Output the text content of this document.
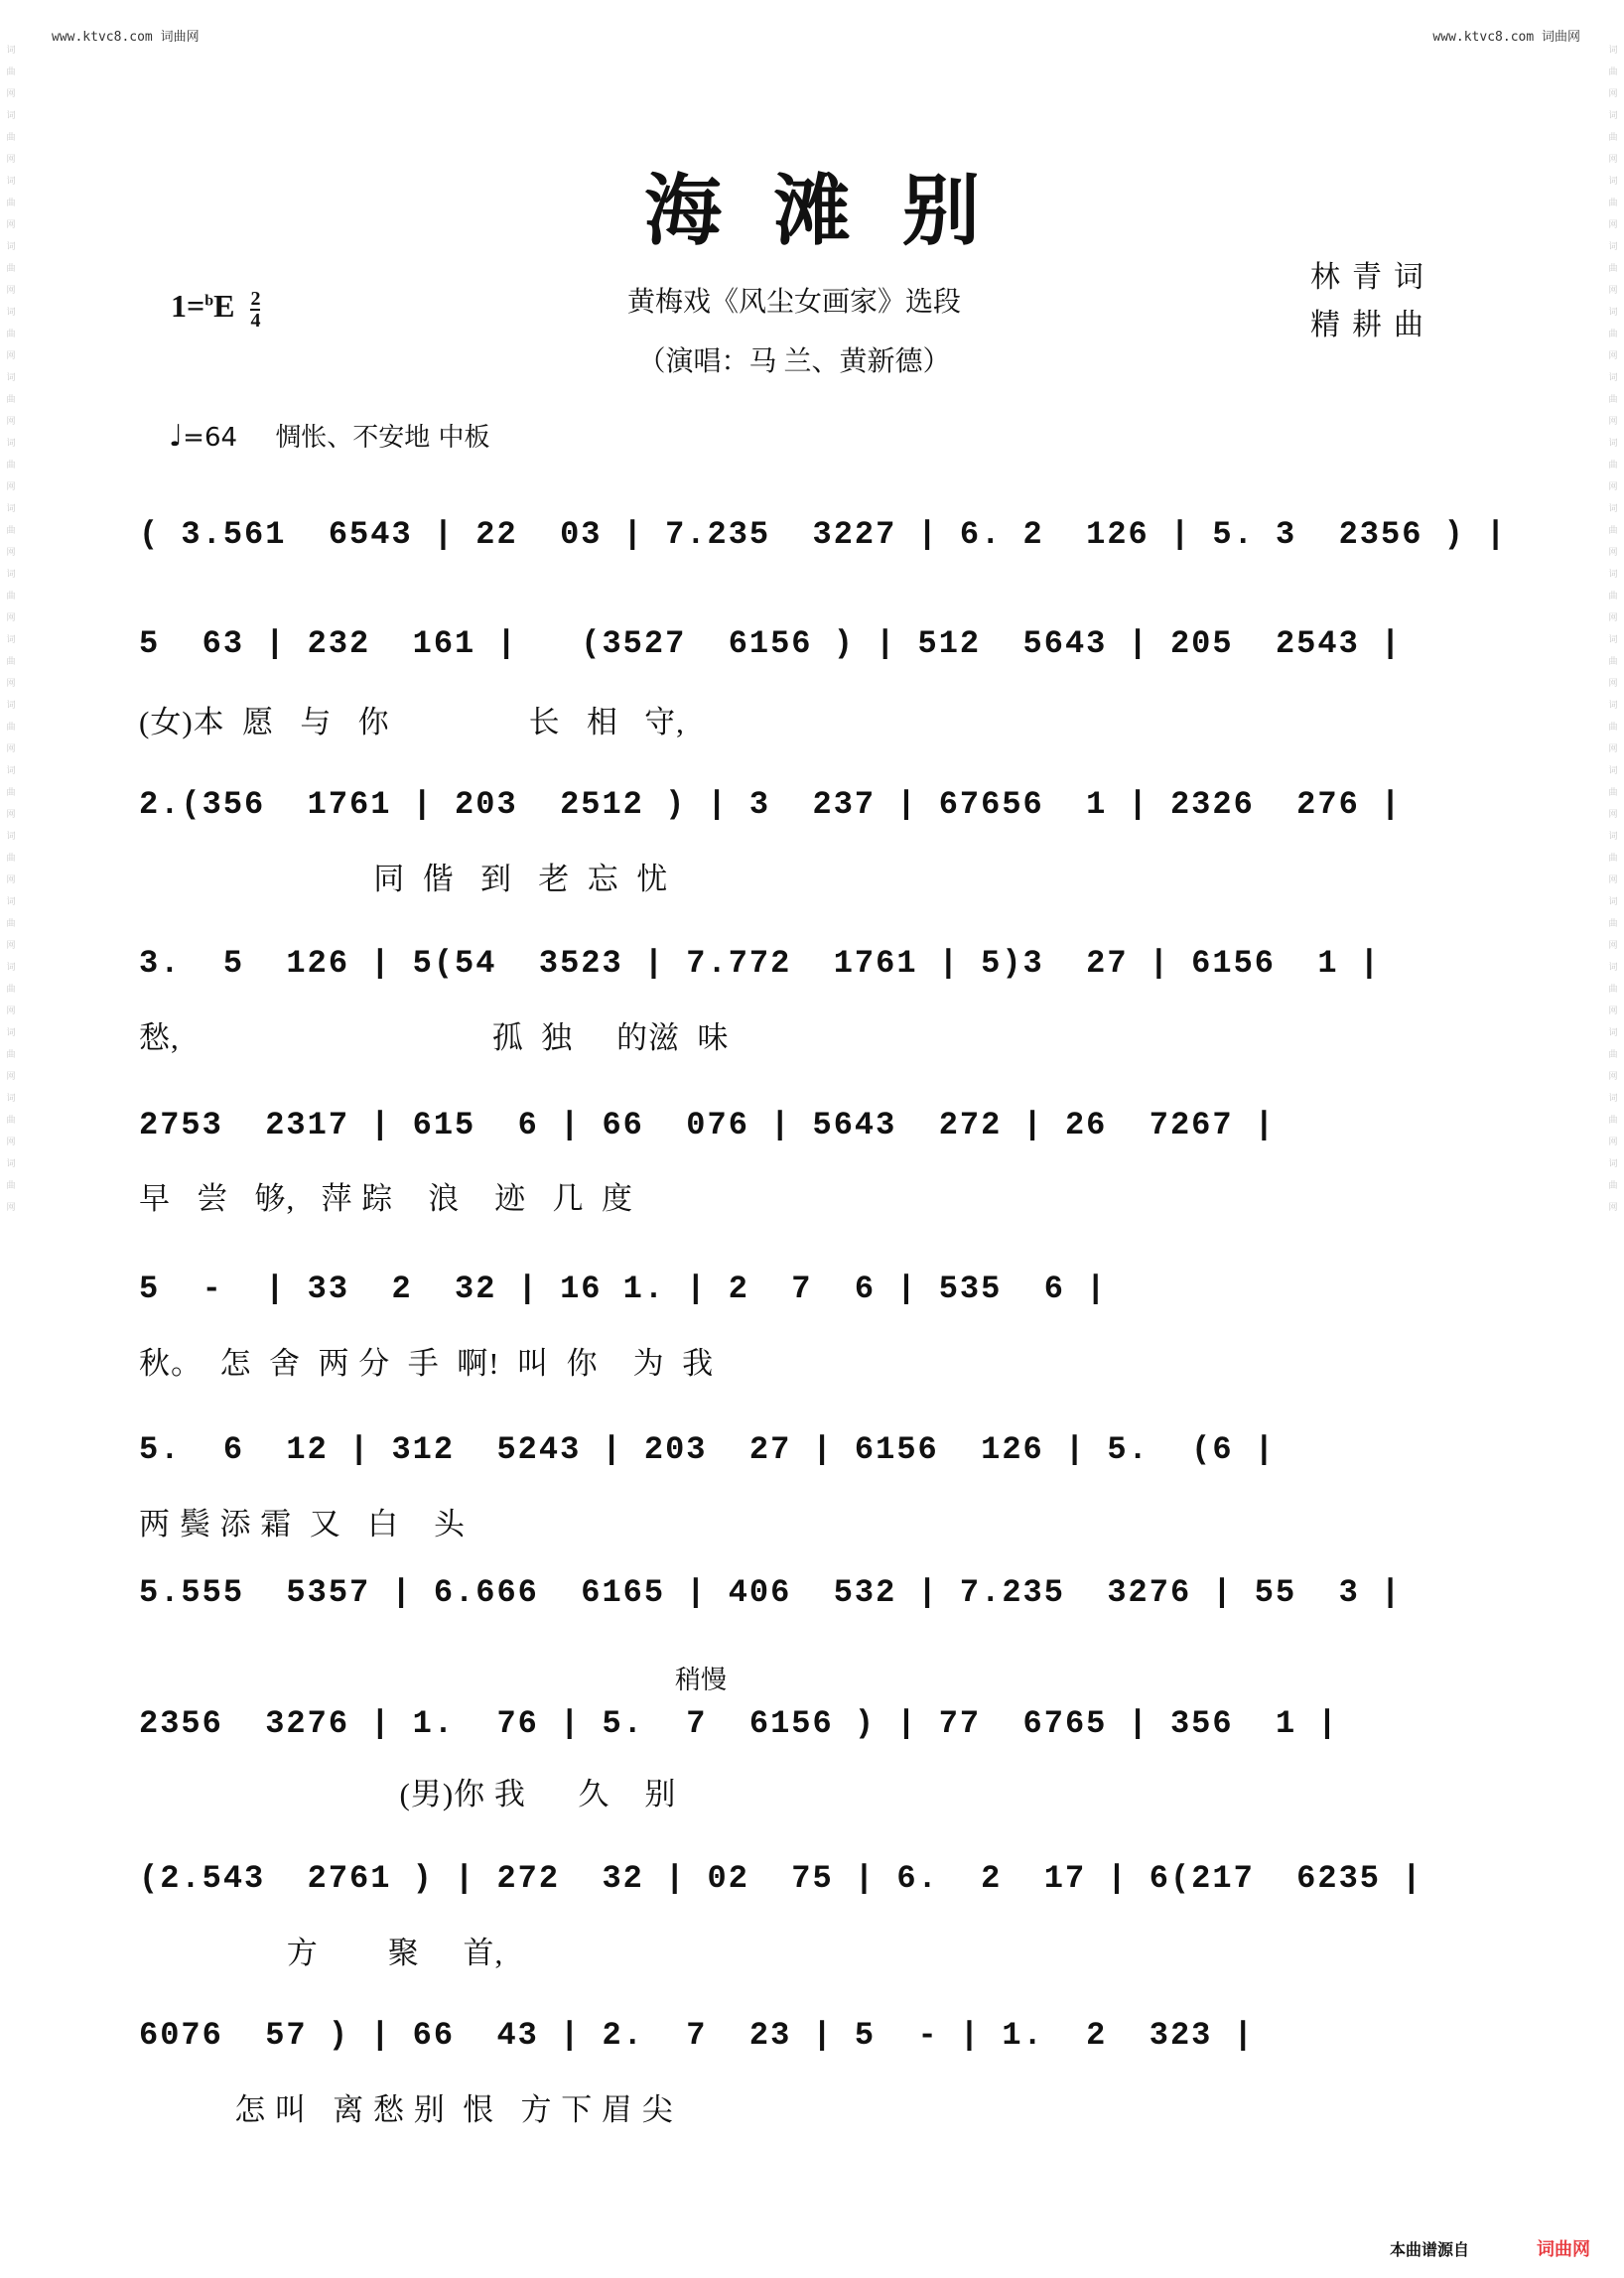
www.ktvc8.com 词曲网	www.ktvc8.com 词曲网
词曲网词曲网词曲网词曲网词曲网词曲网词曲网词曲网词曲网词曲网词曲网词曲网词曲网词曲网词曲网词曲网词曲网词曲网
词曲网词曲网词曲网词曲网词曲网词曲网词曲网词曲网词曲网词曲网词曲网词曲网词曲网词曲网词曲网词曲网词曲网词曲网
海滩别
$1=^bE \frac{2}{4}$	黄梅戏《风尘女画家》选段
（演唱：马 兰、黄新德）
林青词
精耕曲
♩=64 惆怅、不安地 中板
( 3.561  6543 | 22  03 | 7.235  3227 | 6. 2  126 | 5. 3  2356 ) |
5  63 | 232  161 |   (3527  6156 ) | 512  5643 | 205  2543 |
(女)本  愿   与   你                长   相   守,
2.(356  1761 | 203  2512 ) | 3  237 | 67656  1 | 2326  276 |
同  偕   到   老  忘  忧
3.  5  126 | 5(54  3523 | 7.772  1761 | 5)3  27 | 6156  1 |
愁,                                    孤  独     的滋  味
2753  2317 | 615  6 | 66  076 | 5643  272 | 26  7267 |
早   尝   够,   萍 踪    浪    迹   几  度
5  -  | 33  2  32 | 16 1. | 2  7  6 | 535  6 |
秋。  怎  舍  两 分  手  啊!  叫  你    为  我
5.  6  12 | 312  5243 | 203  27 | 6156  126 | 5.  (6 |
两 鬓 添 霜  又   白    头
5.555  5357 | 6.666  6165 | 406  532 | 7.235  3276 | 55  3 |
稍慢
2356  3276 | 1.  76 | 5.  7  6156 ) | 77  6765 | 356  1 |
(男)你 我      久    别
(2.543  2761 ) | 272  32 | 02  75 | 6.  2  17 | 6(217  6235 |
方        聚     首,
6076  57 ) | 66  43 | 2.  7  23 | 5  - | 1.  2  323 |
怎 叫   离 愁 别  恨   方 下 眉 尖
本曲谱源自	词曲网
